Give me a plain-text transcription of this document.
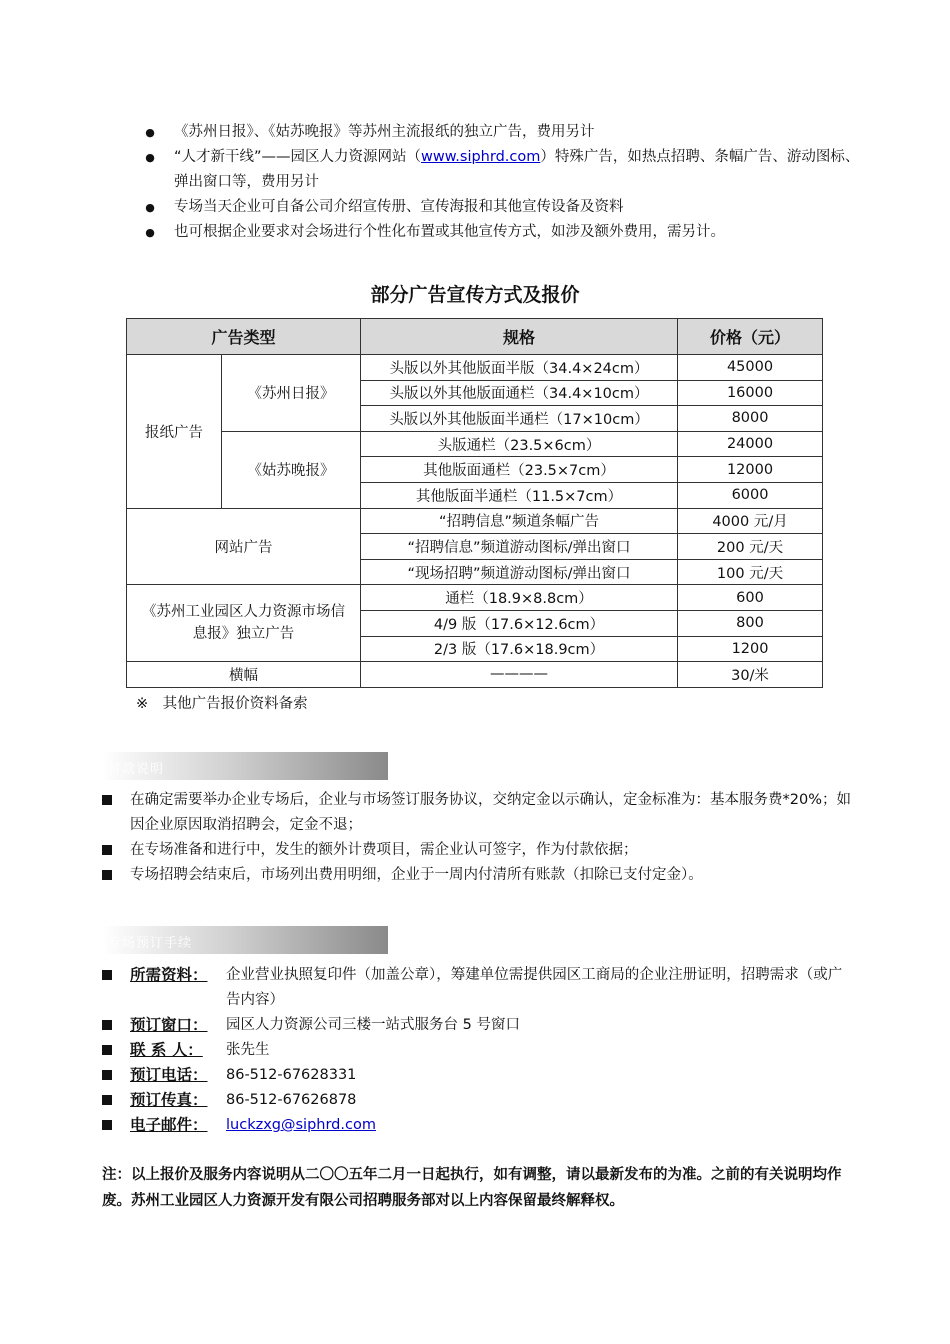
●	《苏州日报》、《姑苏晚报》等苏州主流报纸的独立广告，费用另计
●	“人才新干线”——园区人力资源网站（www.siphrd.com）特殊广告，如热点招聘、条幅广告、游动图标、弹出窗口等，费用另计
●	专场当天企业可自备公司介绍宣传册、宣传海报和其他宣传设备及资料
●	也可根据企业要求对会场进行个性化布置或其他宣传方式，如涉及额外费用，需另计。
部分广告宣传方式及报价
广告类型		规格	价格（元）
报纸广告	《苏州日报》	头版以外其他版面半版（34.4×24cm）	45000
		头版以外其他版面通栏（34.4×10cm）	16000
		头版以外其他版面半通栏（17×10cm）	8000
	《姑苏晚报》	头版通栏（23.5×6cm）	24000
		其他版面通栏（23.5×7cm）	12000
		其他版面半通栏（11.5×7cm）	6000
网站广告		“招聘信息”频道条幅广告	4000 元/月
		“招聘信息”频道游动图标/弹出窗口	200 元/天
		“现场招聘”频道游动图标/弹出窗口	100 元/天
《苏州工业园区人力资源市场信息报》独立广告		通栏（18.9×8.8cm）	600
		4/9 版（17.6×12.6cm）	800
		2/3 版（17.6×18.9cm）	1200
横幅		————	30/米
※　其他广告报价资料备索
付款说明
在确定需要举办企业专场后，企业与市场签订服务协议，交纳定金以示确认，定金标准为：基本服务费*20%；如因企业原因取消招聘会，定金不退；
在专场准备和进行中，发生的额外计费项目，需企业认可签字，作为付款依据；
专场招聘会结束后，市场列出费用明细，企业于一周内付清所有账款（扣除已支付定金）。
专场预订手续
所需资料：	企业营业执照复印件（加盖公章），筹建单位需提供园区工商局的企业注册证明，招聘需求（或广告内容）
预订窗口：	园区人力资源公司三楼一站式服务台 5 号窗口
联 系 人：	张先生
预订电话：	86-512-67628331
预订传真：	86-512-67626878
电子邮件：	luckzxg@siphrd.com
注：以上报价及服务内容说明从二〇〇五年二月一日起执行，如有调整，请以最新发布的为准。之前的有关说明均作废。苏州工业园区人力资源开发有限公司招聘服务部对以上内容保留最终解释权。
